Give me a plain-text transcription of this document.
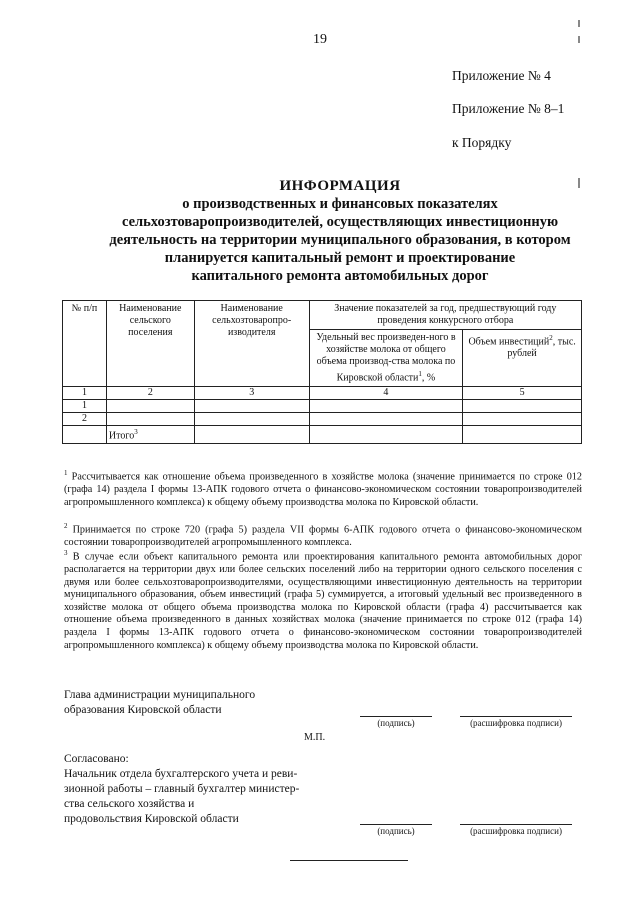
19
Приложение № 4
Приложение № 8–1
к Порядку
ИНФОРМАЦИЯ
о производственных и финансовых показателях
сельхозтоваропроизводителей, осуществляющих инвестиционную
деятельность на территории муниципального образования, в котором
планируется капитальный ремонт и проектирование
капитального ремонта автомобильных дорог
№ п/п	Наименование сельского поселения	Наименование сельхозтоваропро-изводителя	Значение показателей за год, предшествующий году проведения конкурсного отбора	
			Удельный вес произведен-ного в хозяйстве молока от общего объема производ-ства молока по Кировской области$^1$, %	Объем инвестиций$^2$, тыс. рублей
1	2	3	4	5
1				
2				
	Итого$^3$			
$^1$ Рассчитывается как отношение объема произведенного в хозяйстве молока (значение принимается по строке 012 (графа 14) раздела I формы 13-АПК годового отчета о финансово-экономическом состоянии товаропроизводителей агропромышленного комплекса) к общему объему производства молока по Кировской области.
$^2$ Принимается по строке 720 (графа 5) раздела VII формы 6-АПК годового отчета о финансово-экономическом состоянии товаропроизводителей агропромышленного комплекса.
$^3$ В случае если объект капитального ремонта или проектирования капитального ремонта автомобильных дорог располагается на территории двух или более сельских поселений либо на территории одного сельского поселения с двумя или более сельхозтоваропроизводителями, осуществляющими инвестиционную деятельность на территории муниципального образования, объем инвестиций (графа 5) суммируется, а итоговый удельный вес произведенного в хозяйстве молока от общего объема производства молока по Кировской области (графа 4) рассчитывается как отношение объема произведенного в данных хозяйствах молока (значение принимается по строке 012 (графа 14) раздела I формы 13-АПК годового отчета о финансово-экономическом состоянии товаропроизводителей агропромышленного комплекса) к общему объему производства молока по Кировской области.
Глава администрации муниципального
образования Кировской области
(подпись)	(расшифровка подписи)
М.П.
Согласовано:
Начальник отдела бухгалтерского учета и реви-
зионной работы – главный бухгалтер министер-
ства сельского хозяйства и
продовольствия Кировской области
(подпись)	(расшифровка подписи)
